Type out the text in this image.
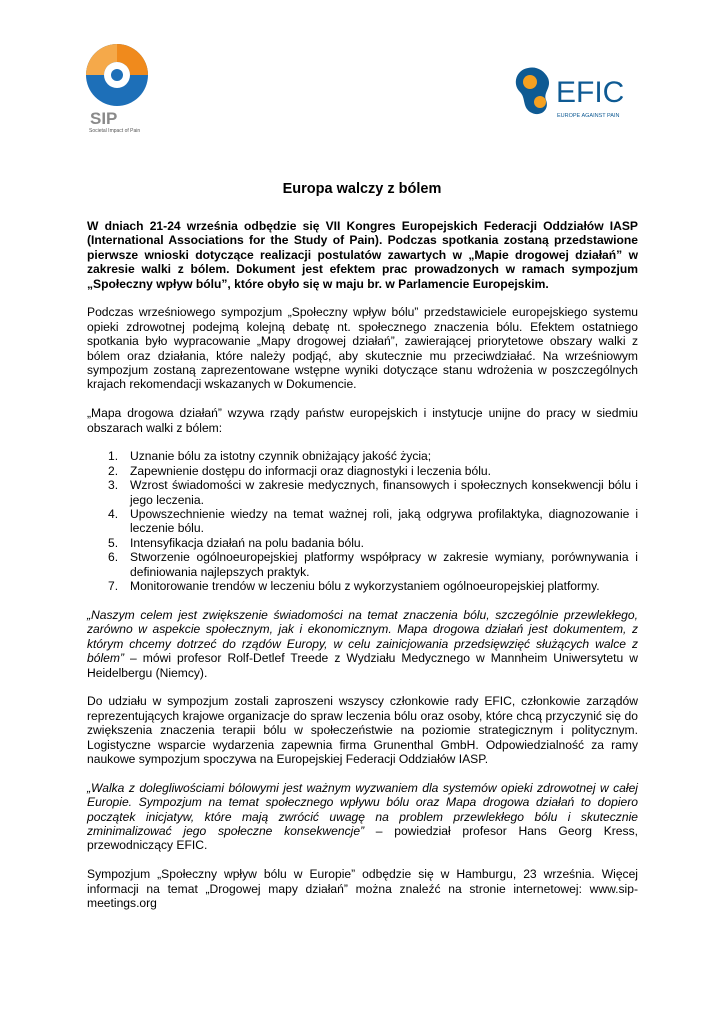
SIP
Societal Impact of Pain
EFIC
EUROPE AGAINST PAIN
Europa walczy z bólem

W dniach 21-24 września odbędzie się VII Kongres Europejskich Federacji Oddziałów IASP (International Associations for the Study of Pain). Podczas spotkania zostaną przedstawione pierwsze wnioski dotyczące realizacji postulatów zawartych w „Mapie drogowej działań” w zakresie walki z bólem. Dokument jest efektem prac prowadzonych w ramach sympozjum „Społeczny wpływ bólu”, które obyło się w maju br. w Parlamencie Europejskim.

Podczas wrześniowego sympozjum „Społeczny wpływ bólu” przedstawiciele europejskiego systemu opieki zdrowotnej podejmą kolejną debatę nt. społecznego znaczenia bólu. Efektem ostatniego spotkania było wypracowanie „Mapy drogowej działań”, zawierającej priorytetowe obszary walki z bólem oraz działania, które należy podjąć, aby skutecznie mu przeciwdziałać. Na wrześniowym sympozjum zostaną zaprezentowane wstępne wyniki dotyczące stanu wdrożenia w poszczególnych krajach rekomendacji wskazanych w Dokumencie.

„Mapa drogowa działań” wzywa rządy państw europejskich i instytucje unijne do pracy w siedmiu obszarach walki z bólem:

1. Uznanie bólu za istotny czynnik obniżający jakość życia;
2. Zapewnienie dostępu do informacji oraz diagnostyki i leczenia bólu.
3. Wzrost świadomości w zakresie medycznych, finansowych i społecznych konsekwencji bólu i jego leczenia.
4. Upowszechnienie wiedzy na temat ważnej roli, jaką odgrywa profilaktyka, diagnozowanie i leczenie bólu.
5. Intensyfikacja działań na polu badania bólu.
6. Stworzenie ogólnoeuropejskiej platformy współpracy w zakresie wymiany, porównywania i definiowania najlepszych praktyk.
7. Monitorowanie trendów w leczeniu bólu z wykorzystaniem ogólnoeuropejskiej platformy.

„Naszym celem jest zwiększenie świadomości na temat znaczenia bólu, szczególnie przewlekłego, zarówno w aspekcie społecznym, jak i ekonomicznym. Mapa drogowa działań jest dokumentem, z którym chcemy dotrzeć do rządów Europy, w celu zainicjowania przedsięwzięć służących walce z bólem” – mówi profesor Rolf-Detlef Treede z Wydziału Medycznego w Mannheim Uniwersytetu w Heidelbergu (Niemcy).

Do udziału w sympozjum zostali zaproszeni wszyscy członkowie rady EFIC, członkowie zarządów reprezentujących krajowe organizacje do spraw leczenia bólu oraz osoby, które chcą przyczynić się do zwiększenia znaczenia terapii bólu w społeczeństwie na poziomie strategicznym i politycznym. Logistyczne wsparcie wydarzenia zapewnia firma Grunenthal GmbH. Odpowiedzialność za ramy naukowe sympozjum spoczywa na Europejskiej Federacji Oddziałów IASP.

„Walka z dolegliwościami bólowymi jest ważnym wyzwaniem dla systemów opieki zdrowotnej w całej Europie. Sympozjum na temat społecznego wpływu bólu oraz Mapa drogowa działań to dopiero początek inicjatyw, które mają zwrócić uwagę na problem przewlekłego bólu i skutecznie zminimalizować jego społeczne konsekwencje” – powiedział profesor Hans Georg Kress, przewodniczący EFIC.

Sympozjum „Społeczny wpływ bólu w Europie” odbędzie się w Hamburgu, 23 września. Więcej informacji na temat „Drogowej mapy działań” można znaleźć na stronie internetowej: www.sip-meetings.org
